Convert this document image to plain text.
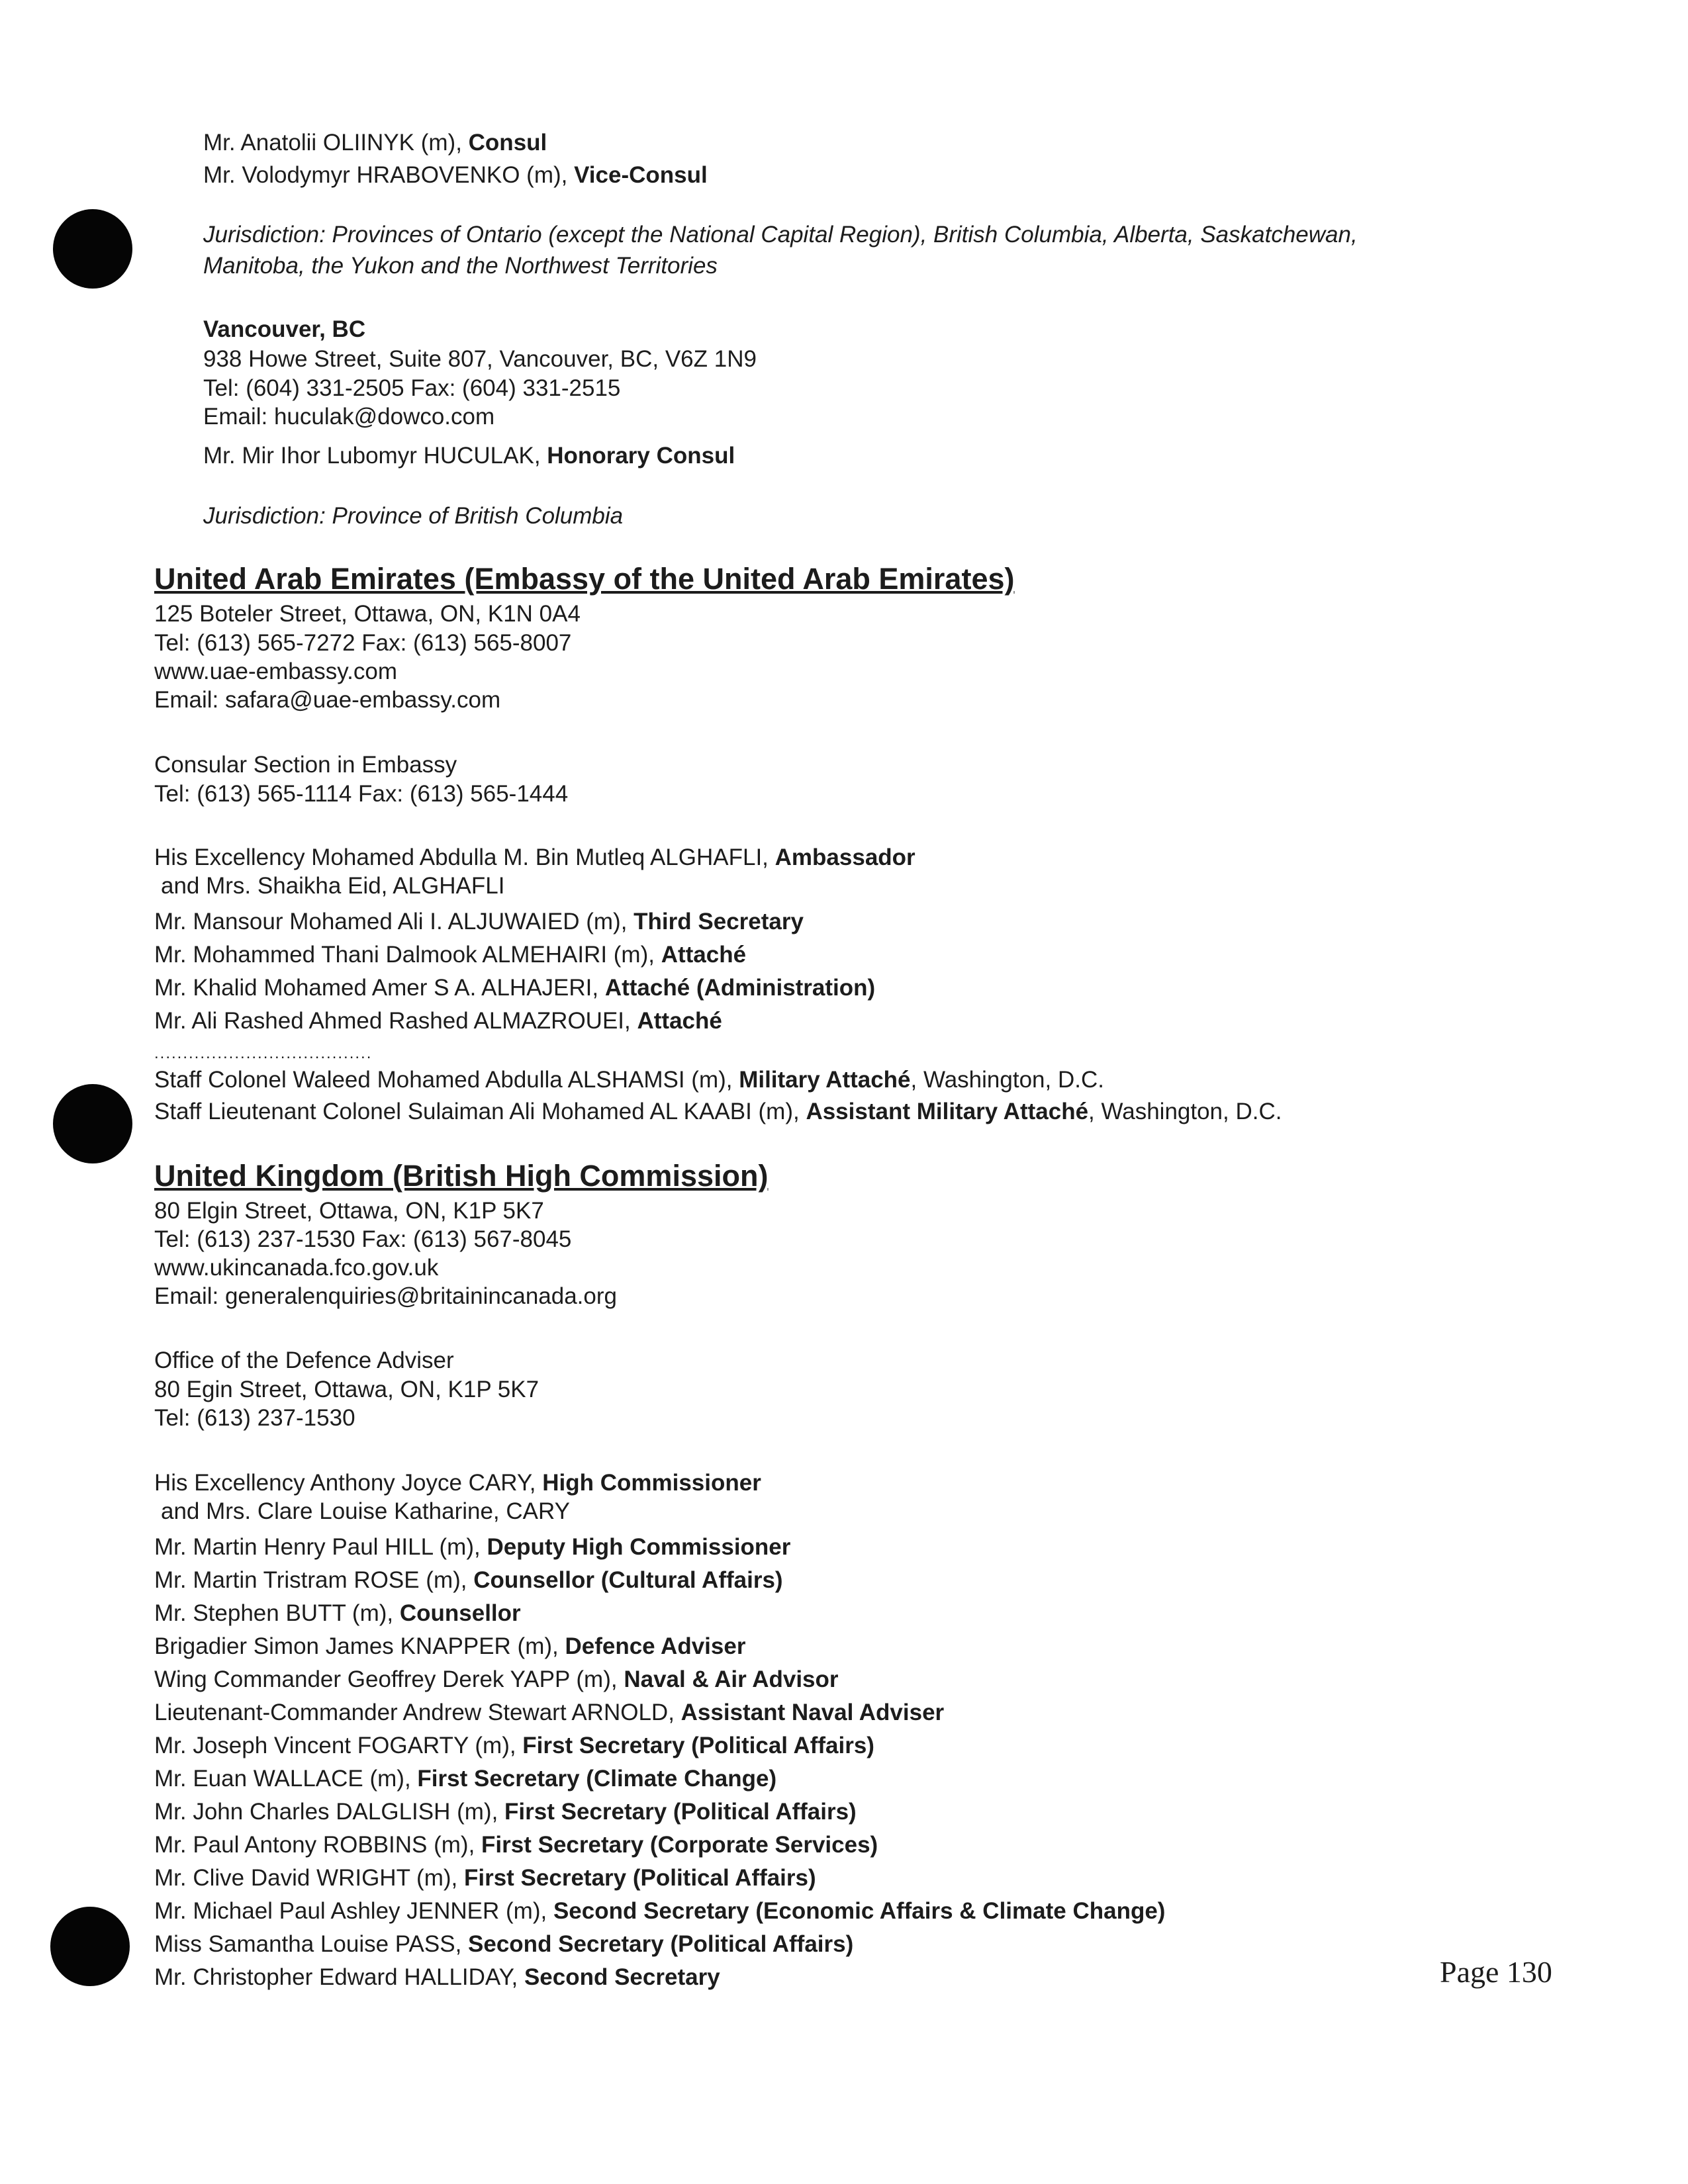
Mr. Anatolii OLIINYK (m), Consul
Mr. Volodymyr HRABOVENKO (m), Vice-Consul
Jurisdiction: Provinces of Ontario (except the National Capital Region), British Columbia, Alberta, Saskatchewan,
Manitoba, the Yukon and the Northwest Territories
Vancouver, BC
938 Howe Street, Suite 807, Vancouver, BC, V6Z 1N9
Tel: (604) 331-2505 Fax: (604) 331-2515
Email: huculak@dowco.com
Mr. Mir Ihor Lubomyr HUCULAK, Honorary Consul
Jurisdiction: Province of British Columbia
United Arab Emirates (Embassy of the United Arab Emirates)
125 Boteler Street, Ottawa, ON, K1N 0A4
Tel: (613) 565-7272 Fax: (613) 565-8007
www.uae-embassy.com
Email: safara@uae-embassy.com
Consular Section in Embassy
Tel: (613) 565-1114 Fax: (613) 565-1444
His Excellency Mohamed Abdulla M. Bin Mutleq ALGHAFLI, Ambassador
and Mrs. Shaikha Eid, ALGHAFLI
Mr. Mansour Mohamed Ali I. ALJUWAIED (m), Third Secretary
Mr. Mohammed Thani Dalmook ALMEHAIRI (m), Attaché
Mr. Khalid Mohamed Amer S A. ALHAJERI, Attaché (Administration)
Mr. Ali Rashed Ahmed Rashed ALMAZROUEI, Attaché
......................................
Staff Colonel Waleed Mohamed Abdulla ALSHAMSI (m), Military Attaché, Washington, D.C.
Staff Lieutenant Colonel Sulaiman Ali Mohamed AL KAABI (m), Assistant Military Attaché, Washington, D.C.
United Kingdom (British High Commission)
80 Elgin Street, Ottawa, ON, K1P 5K7
Tel: (613) 237-1530 Fax: (613) 567-8045
www.ukincanada.fco.gov.uk
Email: generalenquiries@britainincanada.org
Office of the Defence Adviser
80 Egin Street, Ottawa, ON, K1P 5K7
Tel: (613) 237-1530
His Excellency Anthony Joyce CARY, High Commissioner
and Mrs. Clare Louise Katharine, CARY
Mr. Martin Henry Paul HILL (m), Deputy High Commissioner
Mr. Martin Tristram ROSE (m), Counsellor (Cultural Affairs)
Mr. Stephen BUTT (m), Counsellor
Brigadier Simon James KNAPPER (m), Defence Adviser
Wing Commander Geoffrey Derek YAPP (m), Naval & Air Advisor
Lieutenant-Commander Andrew Stewart ARNOLD, Assistant Naval Adviser
Mr. Joseph Vincent FOGARTY (m), First Secretary (Political Affairs)
Mr. Euan WALLACE (m), First Secretary (Climate Change)
Mr. John Charles DALGLISH (m), First Secretary (Political Affairs)
Mr. Paul Antony ROBBINS (m), First Secretary (Corporate Services)
Mr. Clive David WRIGHT (m), First Secretary (Political Affairs)
Mr. Michael Paul Ashley JENNER (m), Second Secretary (Economic Affairs & Climate Change)
Miss Samantha Louise PASS, Second Secretary (Political Affairs)
Mr. Christopher Edward HALLIDAY, Second Secretary	Page 130
